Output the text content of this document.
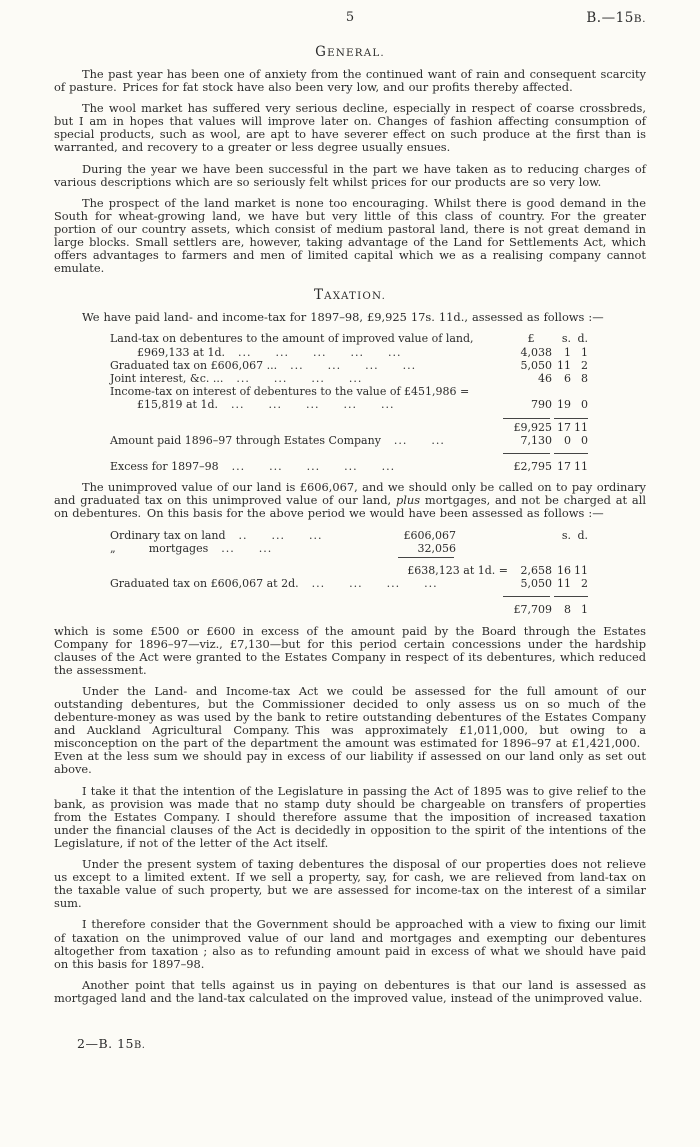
5	B.—15B.
GENERAL.

The past year has been one of anxiety from the continued want of rain and consequent scarcity of pasture. Prices for fat stock have also been very low, and our profits thereby affected.

The wool market has suffered very serious decline, especially in respect of coarse crossbreds, but I am in hopes that values will improve later on. Changes of fashion affecting consumption of special products, such as wool, are apt to have severer effect on such produce at the first than is warranted, and recovery to a greater or less degree usually ensues.

During the year we have been successful in the part we have taken as to reducing charges of various descriptions which are so seriously felt whilst prices for our products are so very low.

The prospect of the land market is none too encouraging. Whilst there is good demand in the South for wheat-growing land, we have but very little of this class of country. For the greater portion of our country assets, which consist of medium pastoral land, there is not great demand in large blocks. Small settlers are, however, taking advantage of the Land for Settlements Act, which offers advantages to farmers and men of limited capital which we as a realising company cannot emulate.

TAXATION.

We have paid land- and income-tax for 1897–98, £9,925 17s. 11d., assessed as follows :—

Land-tax on debentures to the amount of improved value of land,	£	s. d.
£969,133 at 1d. ...  ...  ...  ...  ...	4,038	1 1
Graduated tax on £606,067 ... ...  ...  ...  ...	5,050 11 2
Joint interest, &c. ... ...  ...  ...  ...	46	6 8
Income-tax on interest of debentures to the value of £451,986 =
£15,819 at 1d. ...  ...  ...  ...  ...	790 19 0
£9,925 17 11
Amount paid 1896–97 through Estates Company ...  ...	7,130	0 0
Excess for 1897–98 ...  ...  ...  ...  ...	£2,795 17 11

The unimproved value of our land is £606,067, and we should only be called on to pay ordinary and graduated tax on this unimproved value of our land, plus mortgages, and not be charged at all on debentures. On this basis for the above period we would have been assessed as follows :—

Ordinary tax on land ..  ...  ...	£606,067	s. d.
„   mortgages ...  ...	32,056
£638,123 at 1d. =	2,658 16 11
Graduated tax on £606,067 at 2d. ...  ...  ...  ...	5,050 11 2
£7,709	8 1

which is some £500 or £600 in excess of the amount paid by the Board through the Estates Company for 1896–97—viz., £7,130—but for this period certain concessions under the hardship clauses of the Act were granted to the Estates Company in respect of its debentures, which reduced the assessment.

Under the Land- and Income-tax Act we could be assessed for the full amount of our outstanding debentures, but the Commissioner decided to only assess us on so much of the debenture-money as was used by the bank to retire outstanding debentures of the Estates Company and Auckland Agricultural Company. This was approximately £1,011,000, but owing to a misconception on the part of the department the amount was estimated for 1896–97 at £1,421,000. Even at the less sum we should pay in excess of our liability if assessed on our land only as set out above.

I take it that the intention of the Legislature in passing the Act of 1895 was to give relief to the bank, as provision was made that no stamp duty should be chargeable on transfers of properties from the Estates Company. I should therefore assume that the imposition of increased taxation under the financial clauses of the Act is decidedly in opposition to the spirit of the intentions of the Legislature, if not of the letter of the Act itself.

Under the present system of taxing debentures the disposal of our properties does not relieve us except to a limited extent. If we sell a property, say, for cash, we are relieved from land-tax on the taxable value of such property, but we are assessed for income-tax on the interest of a similar sum.

I therefore consider that the Government should be approached with a view to fixing our limit of taxation on the unimproved value of our land and mortgages and exempting our debentures altogether from taxation ; also as to refunding amount paid in excess of what we should have paid on this basis for 1897–98.

Another point that tells against us in paying on debentures is that our land is assessed as mortgaged land and the land-tax calculated on the improved value, instead of the unimproved value.

2—B. 15B.
